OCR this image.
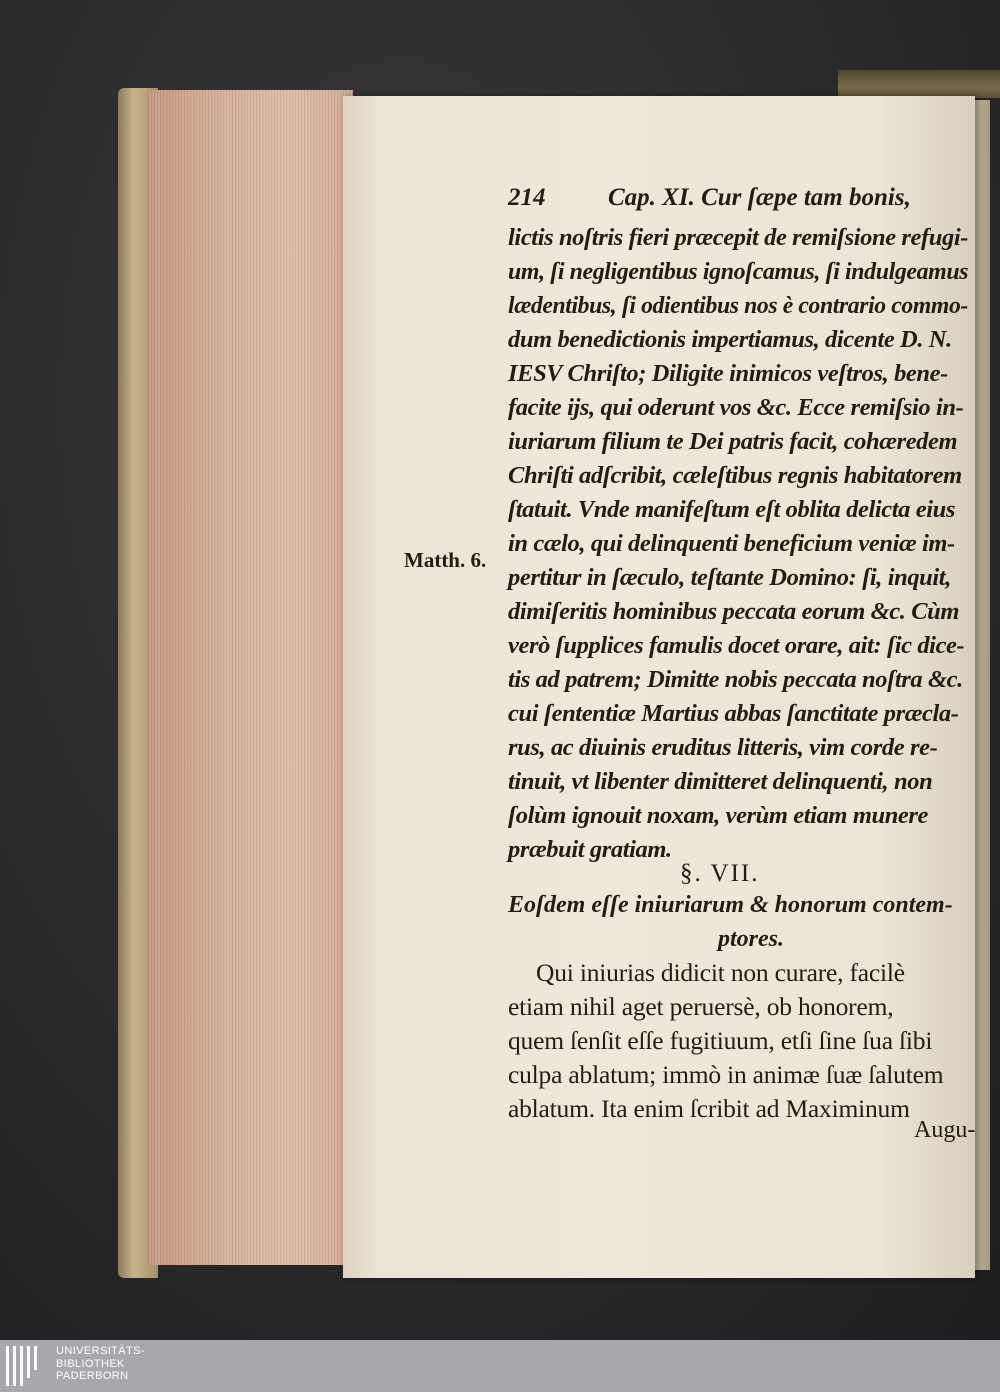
214	Cap. XI. Cur ſæpe tam bonis,
lictis noſtris fieri præcepit de remiſsione refugi-
um, ſi negligentibus ignoſcamus, ſi indulgeamus
lædentibus, ſi odientibus nos è contrario commo-
dum benedictionis impertiamus, dicente D. N.
IESV Chriſto; Diligite inimicos veſtros, bene-
facite ijs, qui oderunt vos &c. Ecce remiſsio in-
iuriarum filium te Dei patris facit, cohæredem
Chriſti adſcribit, cæleſtibus regnis habitatorem
ſtatuit. Vnde manifeſtum eſt oblita delicta eius
in cælo, qui delinquenti beneficium veniæ im-
pertitur in ſæculo, teſtante Domino: ſi, inquit,
dimiſeritis hominibus peccata eorum &c. Cùm
verò ſupplices famulis docet orare, ait: ſic dice-
tis ad patrem; Dimitte nobis peccata noſtra &c.
cui ſententiæ Martius abbas ſanctitate præcla-
rus, ac diuinis eruditus litteris, vim corde re-
tinuit, vt libenter dimitteret delinquenti, non
ſolùm ignouit noxam, verùm etiam munere
præbuit gratiam.
Matth. 6.
§. VII.
Eoſdem eſſe iniuriarum & honorum contem-
ptores.
Qui iniurias didicit non curare, facilè
etiam nihil aget peruersè, ob honorem,
quem ſenſit eſſe fugitiuum, etſi ſine ſua ſibi
culpa ablatum; immò in animæ ſuæ ſalutem
ablatum. Ita enim ſcribit ad Maximinum
Augu-
UNIVERSITÄTS-
BIBLIOTHEK
PADERBORN
